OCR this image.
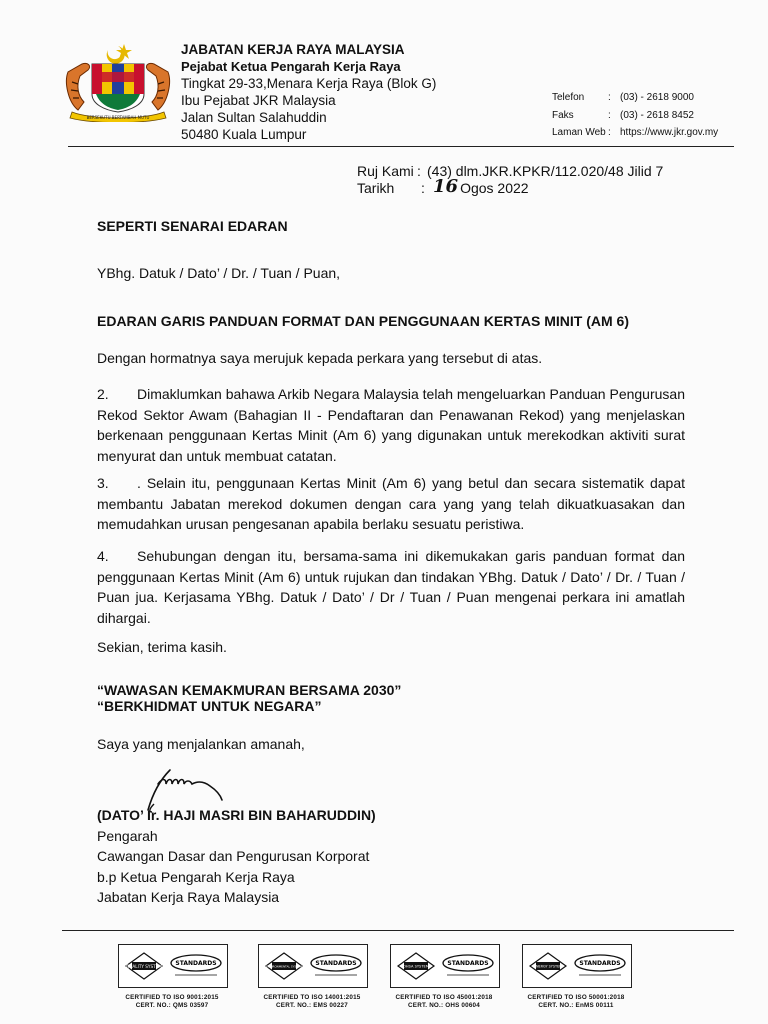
BERSEKUTU BERTAMBAH MUTU
JABATAN KERJA RAYA MALAYSIA
Pejabat Ketua Pengarah Kerja Raya
Tingkat 29-33,Menara Kerja Raya (Blok G)
Ibu Pejabat JKR Malaysia
Jalan Sultan Salahuddin
50480 Kuala Lumpur
Telefon	: (03) - 2618 9000
Faks	: (03) - 2618 8452
Laman Web : https://www.jkr.gov.my
Ruj Kami : (43) dlm.JKR.KPKR/112.020/48 Jilid 7
Tarikh	: 16 Ogos 2022
SEPERTI SENARAI EDARAN
YBhg. Datuk / Dato’ / Dr. / Tuan / Puan,
EDARAN GARIS PANDUAN FORMAT DAN PENGGUNAAN KERTAS MINIT (AM 6)
Dengan hormatnya saya merujuk kepada perkara yang tersebut di atas.
2. Dimaklumkan bahawa Arkib Negara Malaysia telah mengeluarkan Panduan Pengurusan Rekod Sektor Awam (Bahagian II - Pendaftaran dan Penawanan Rekod) yang menjelaskan berkenaan penggunaan Kertas Minit (Am 6) yang digunakan untuk merekodkan aktiviti surat menyurat dan untuk membuat catatan.
3. . Selain itu, penggunaan Kertas Minit (Am 6) yang betul dan secara sistematik dapat membantu Jabatan merekod dokumen dengan cara yang yang telah dikuatkuasakan dan memudahkan urusan pengesanan apabila berlaku sesuatu peristiwa.
4. Sehubungan dengan itu, bersama-sama ini dikemukakan garis panduan format dan penggunaan Kertas Minit (Am 6) untuk rujukan dan tindakan YBhg. Datuk / Dato’ / Dr. / Tuan / Puan jua. Kerjasama YBhg. Datuk / Dato’ / Dr / Tuan / Puan mengenai perkara ini amatlah dihargai.
Sekian, terima kasih.
“WAWASAN KEMAKMURAN BERSAMA 2030”
“BERKHIDMAT UNTUK NEGARA”
Saya yang menjalankan amanah,
(DATO’ Ir. HAJI MASRI BIN BAHARUDDIN)
Pengarah
Cawangan Dasar dan Pengurusan Korporat
b.p Ketua Pengarah Kerja Raya
Jabatan Kerja Raya Malaysia
QUALITY SYSTEM STANDARDS
CERTIFIED TO ISO 9001:2015
CERT. NO.: QMS 03597
ENVIRONMENTAL SYSTEM STANDARDS
CERTIFIED TO ISO 14001:2015
CERT. NO.: EMS 00227
OHSA SYSTEM	STANDARDS
CERTIFIED TO ISO 45001:2018
CERT. NO.: OHS 00604
ENERGY SYSTEM	STANDARDS
CERTIFIED TO ISO 50001:2018
CERT. NO.: EnMS 00111
